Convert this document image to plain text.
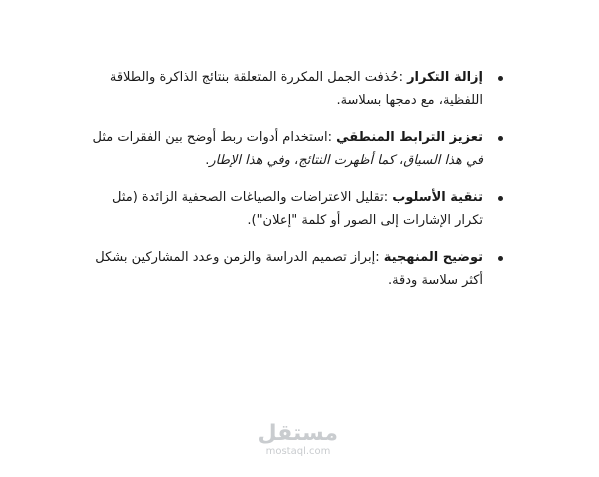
إزالة التكرار :حُذفت الجمل المكررة المتعلقة بنتائج الذاكرة والطلاقة اللفظية، مع دمجها بسلاسة.
تعزيز الترابط المنطقي :استخدام أدوات ربط أوضح بين الفقرات مثل في هذا السياق، كما أظهرت النتائج، وفي هذا الإطار.
تنقية الأسلوب :تقليل الاعتراضات والصياغات الصحفية الزائدة (مثل تكرار الإشارات إلى الصور أو كلمة "إعلان").
توضيح المنهجية :إبراز تصميم الدراسة والزمن وعدد المشاركين بشكل أكثر سلاسة ودقة.
مستقل
mostaql.com
